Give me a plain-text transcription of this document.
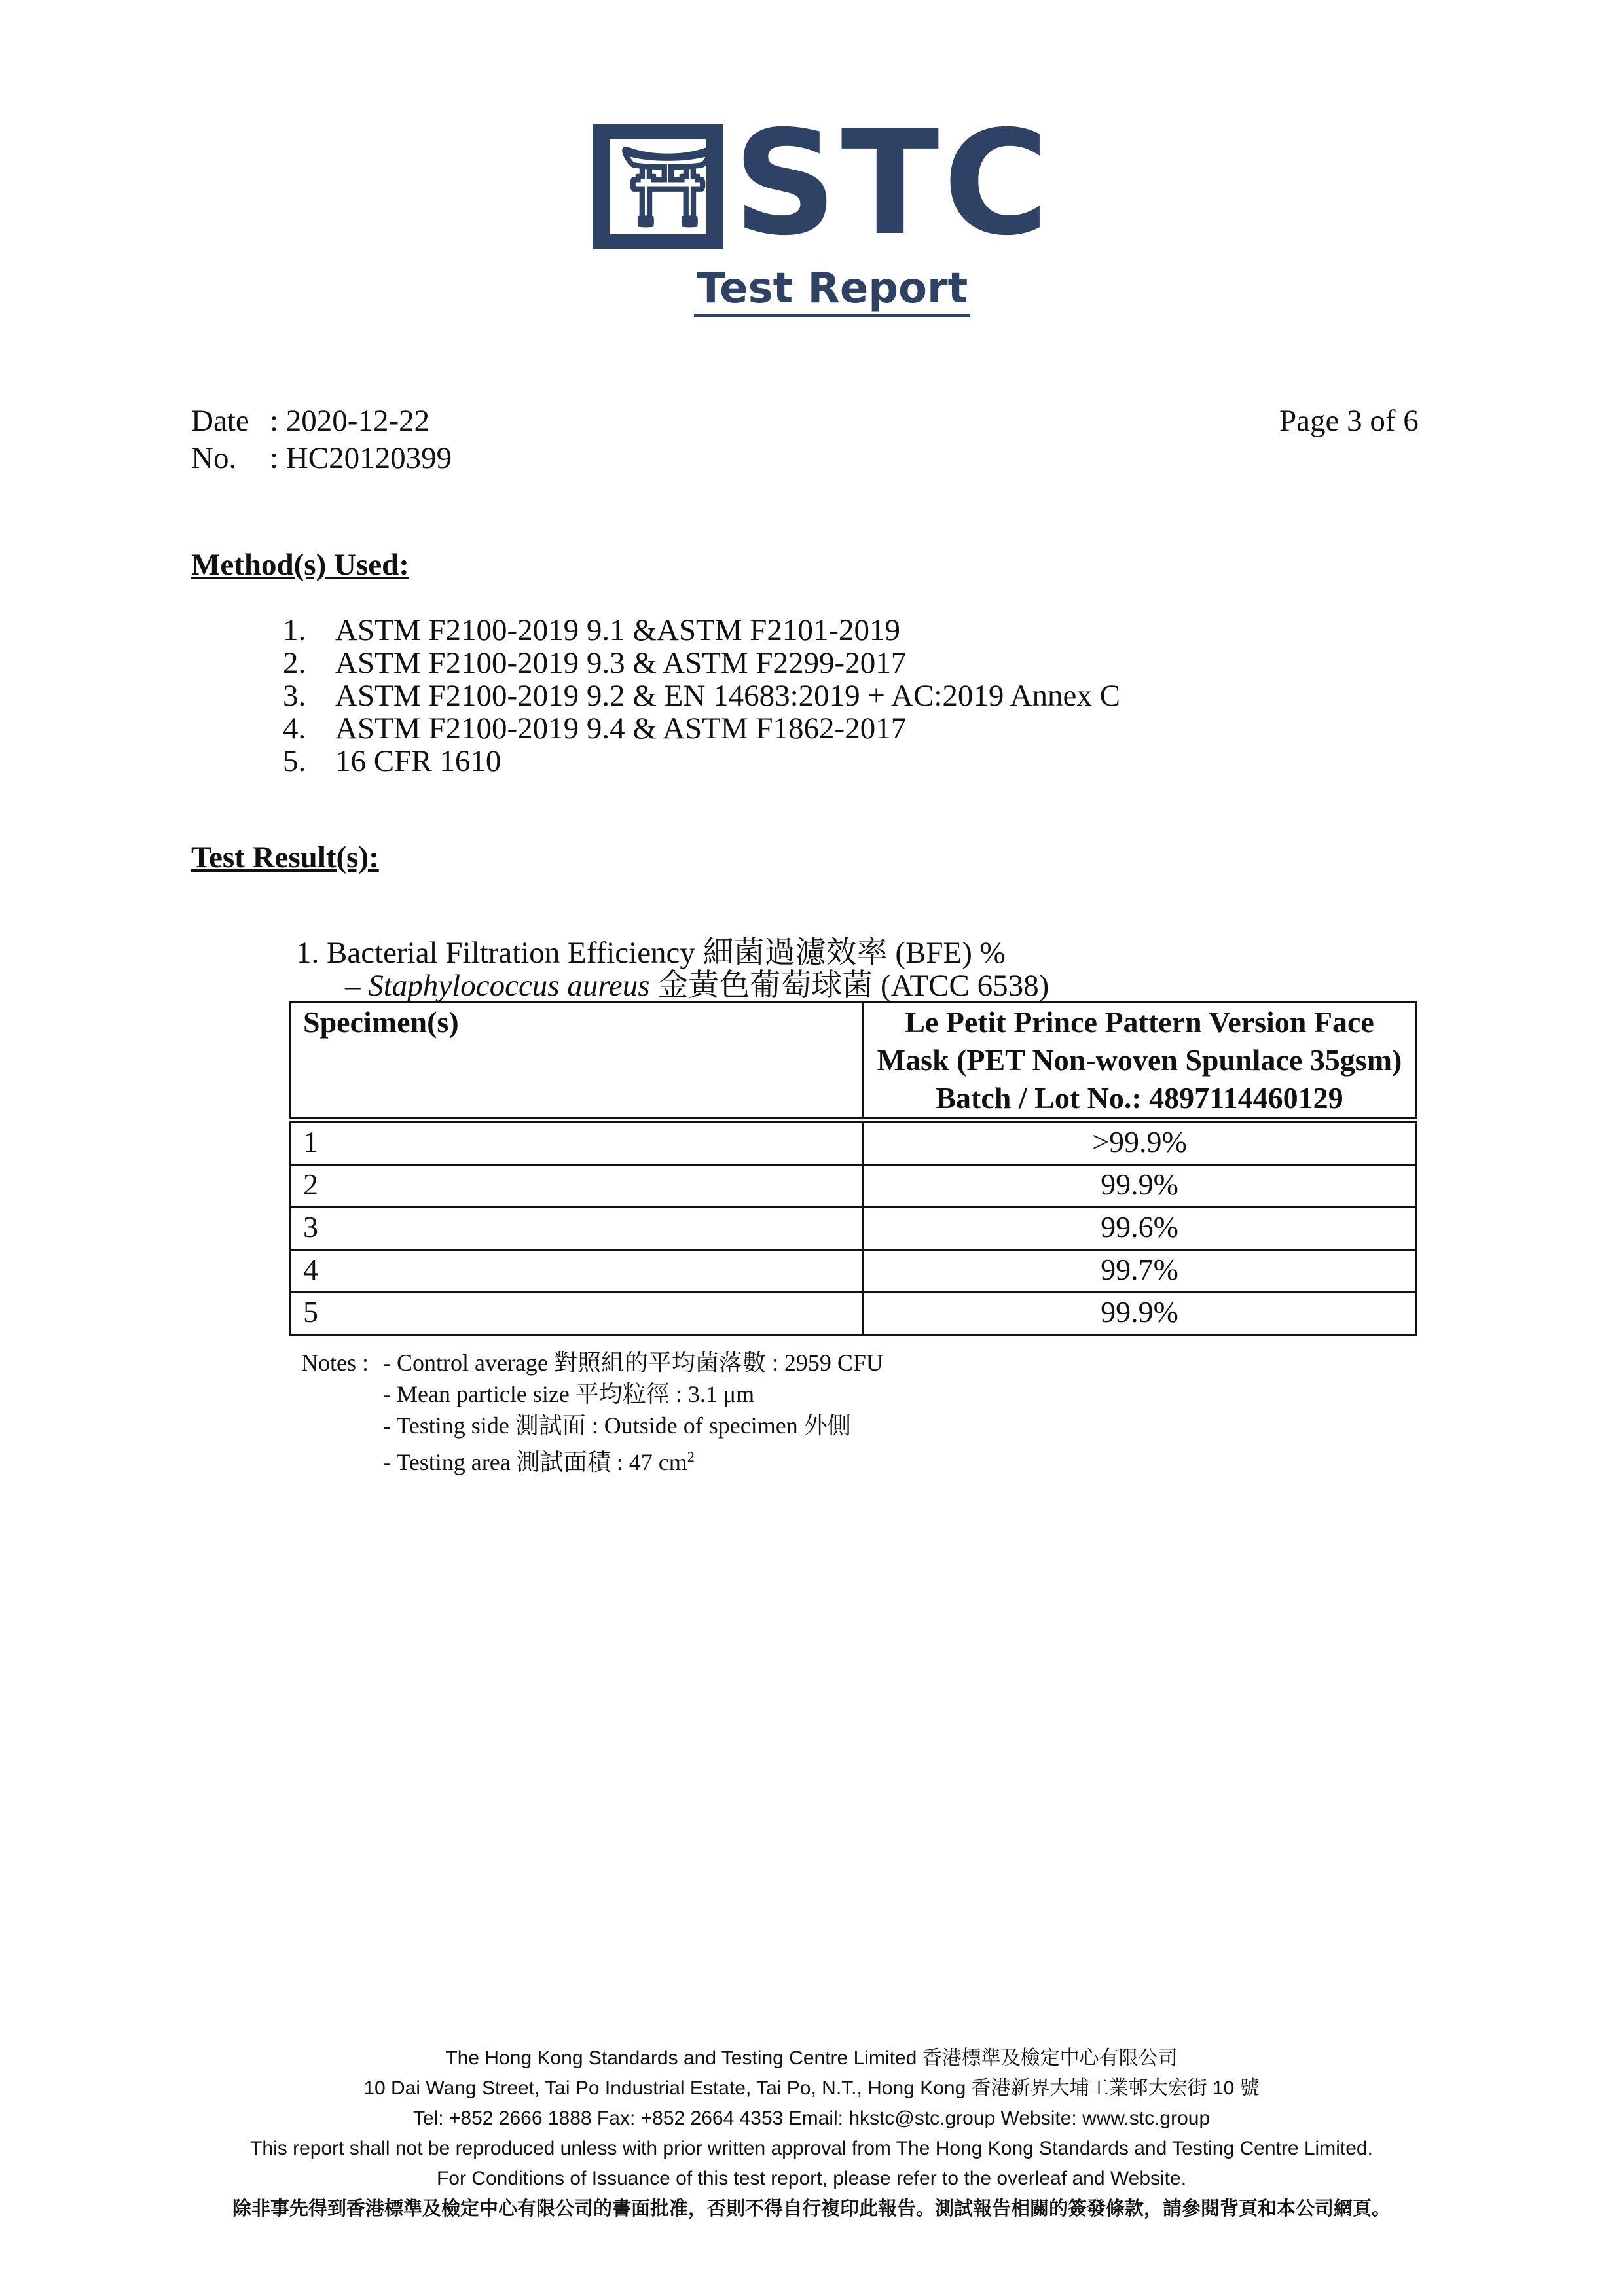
⛩ STC
Test Report
Date : 2020-12-22	Page 3 of 6
No. : HC20120399
Method(s) Used:
1. ASTM F2100-2019 9.1 &ASTM F2101-2019
2. ASTM F2100-2019 9.3 & ASTM F2299-2017
3. ASTM F2100-2019 9.2 & EN 14683:2019 + AC:2019 Annex C
4. ASTM F2100-2019 9.4 & ASTM F1862-2017
5. 16 CFR 1610
Test Result(s):
1. Bacterial Filtration Efficiency 細菌過濾效率 (BFE) %
– Staphylococcus aureus 金黃色葡萄球菌 (ATCC 6538)
Specimen(s)	Le Petit Prince Pattern Version Face
Mask (PET Non-woven Spunlace 35gsm)
Batch / Lot No.: 4897114460129

1	>99.9%
2	99.9%
3	99.6%
4	99.7%
5	99.9%
Notes : - Control average 對照組的平均菌落數 : 2959 CFU
- Mean particle size 平均粒徑 : 3.1 μm
- Testing side 測試面 : Outside of specimen 外側
- Testing area 測試面積 : 47 $cm^2$
The Hong Kong Standards and Testing Centre Limited 香港標準及檢定中心有限公司
10 Dai Wang Street, Tai Po Industrial Estate, Tai Po, N.T., Hong Kong 香港新界大埔工業邨大宏街 10 號
Tel: +852 2666 1888 Fax: +852 2664 4353 Email: hkstc@stc.group Website: www.stc.group
This report shall not be reproduced unless with prior written approval from The Hong Kong Standards and Testing Centre Limited.
For Conditions of Issuance of this test report, please refer to the overleaf and Website.
除非事先得到香港標準及檢定中心有限公司的書面批准，否則不得自行複印此報告。測試報告相關的簽發條款，請參閱背頁和本公司網頁。
